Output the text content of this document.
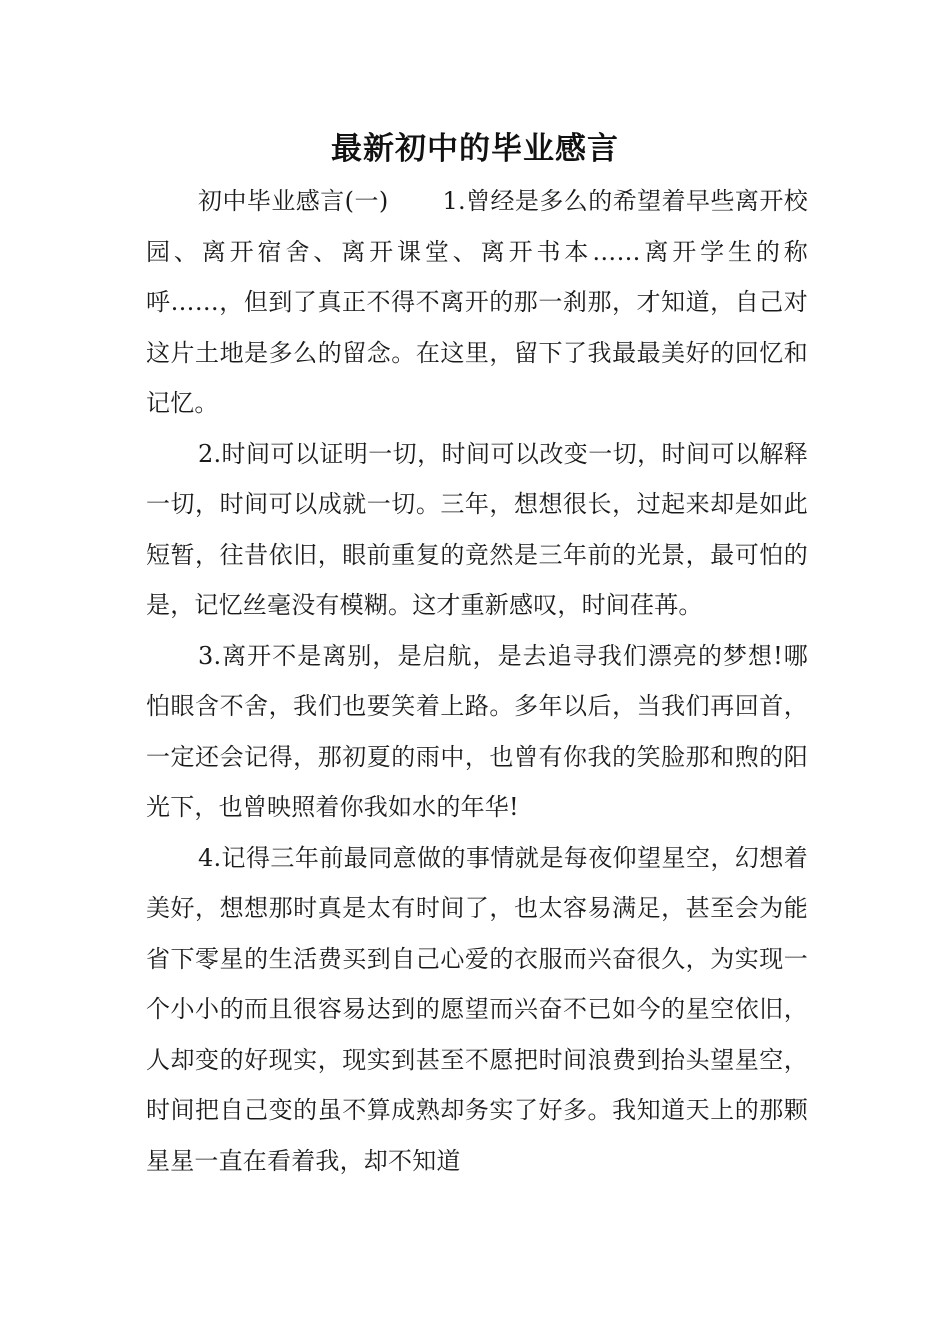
最新初中的毕业感言

初中毕业感言(一) 1.曾经是多么的希望着早些离开校园、离开宿舍、离开课堂、离开书本……离开学生的称呼……，但到了真正不得不离开的那一刹那，才知道，自己对这片土地是多么的留念。在这里，留下了我最最美好的回忆和记忆。

2.时间可以证明一切，时间可以改变一切，时间可以解释一切，时间可以成就一切。三年，想想很长，过起来却是如此短暂，往昔依旧，眼前重复的竟然是三年前的光景，最可怕的是，记忆丝毫没有模糊。这才重新感叹，时间荏苒。

3.离开不是离别，是启航，是去追寻我们漂亮的梦想!哪怕眼含不舍，我们也要笑着上路。多年以后，当我们再回首，一定还会记得，那初夏的雨中，也曾有你我的笑脸那和煦的阳光下，也曾映照着你我如水的年华!

4.记得三年前最同意做的事情就是每夜仰望星空，幻想着美好，想想那时真是太有时间了，也太容易满足，甚至会为能省下零星的生活费买到自己心爱的衣服而兴奋很久，为实现一个小小的而且很容易达到的愿望而兴奋不已如今的星空依旧，人却变的好现实，现实到甚至不愿把时间浪费到抬头望星空，时间把自己变的虽不算成熟却务实了好多。我知道天上的那颗星星一直在看着我，却不知道
